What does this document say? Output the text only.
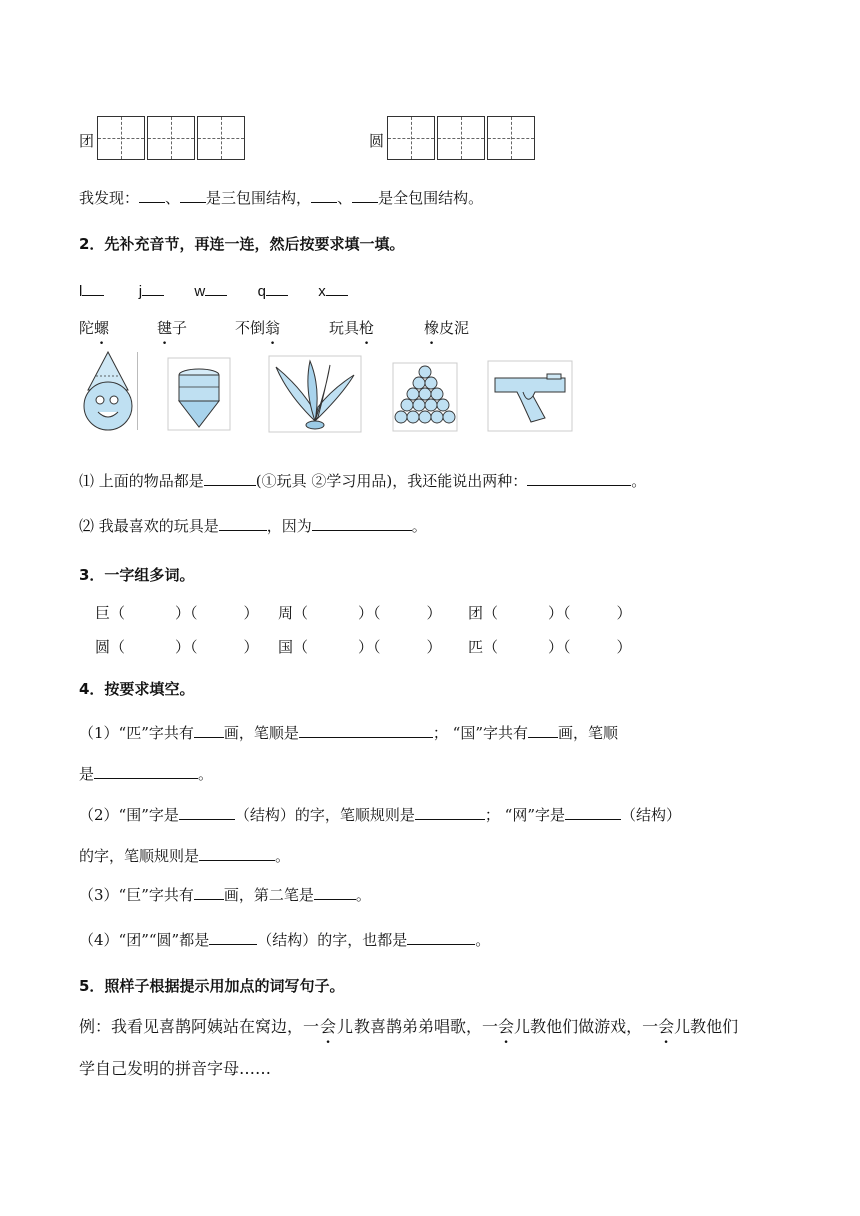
团	圆
我发现： 、 是三包围结构， 、 是全包围结构。
2．先补充音节，再连一连，然后按要求填一填。
l	j	w	q	x
陀螺	毽子	不倒翁	玩具枪	橡皮泥
⑴ 上面的物品都是	(①玩具 ②学习用品)，我还能说出两种：	。
⑵ 我最喜欢的玩具是	，因为	。
3．一字组多词。
巨（	）（	） 周（	）（	） 团（	）（	）
圆（	）（	） 国（	）（	） 匹（	）（	）
4．按要求填空。
（1）“匹”字共有 画，笔顺是	； “国”字共有 画，笔顺
是	。
（2）“围”字是	（结构）的字，笔顺规则是	； “网”字是	（结构）
的字，笔顺规则是	。
（3）“巨”字共有 画，第二笔是	。
（4）“团”“圆”都是	（结构）的字，也都是	。
5．照样子根据提示用加点的词写句子。
例：我看见喜鹊阿姨站在窝边，一会儿教喜鹊弟弟唱歌，一会儿教他们做游戏，一会儿教他们
学自己发明的拼音字母……
